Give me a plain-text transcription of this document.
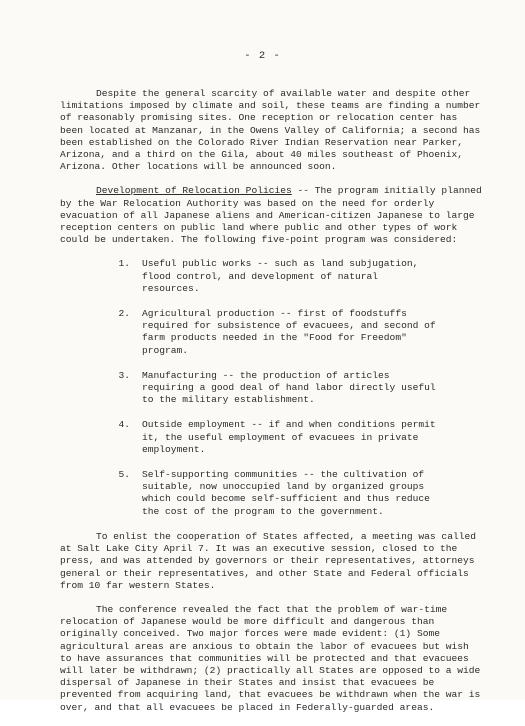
- 2 -

Despite the general scarcity of available water and despite other limitations imposed by climate and soil, these teams are finding a number of reasonably promising sites. One reception or relocation center has been located at Manzanar, in the Owens Valley of California; a second has been established on the Colorado River Indian Reservation near Parker, Arizona, and a third on the Gila, about 40 miles southeast of Phoenix, Arizona. Other locations will be announced soon.

Development of Relocation Policies -- The program initially planned by the War Relocation Authority was based on the need for orderly evacuation of all Japanese aliens and American-citizen Japanese to large reception centers on public land where public and other types of work could be undertaken. The following five-point program was considered:

1.	Useful public works -- such as land subjugation, flood control, and development of natural resources.
2.	Agricultural production -- first of foodstuffs required for subsistence of evacuees, and second of farm products needed in the "Food for Freedom" program.
3.	Manufacturing -- the production of articles requiring a good deal of hand labor directly useful to the military establishment.
4.	Outside employment -- if and when conditions permit it, the useful employment of evacuees in private employment.
5.	Self-supporting communities -- the cultivation of suitable, now unoccupied land by organized groups which could become self-sufficient and thus reduce the cost of the program to the government.

To enlist the cooperation of States affected, a meeting was called at Salt Lake City April 7. It was an executive session, closed to the press, and was attended by governors or their representatives, attorneys general or their representatives, and other State and Federal officials from 10 far western States.

The conference revealed the fact that the problem of war-time relocation of Japanese would be more difficult and dangerous than originally conceived. Two major forces were made evident: (1) Some agricultural areas are anxious to obtain the labor of evacuees but wish to have assurances that communities will be protected and that evacuees will later be withdrawn; (2) practically all States are opposed to a wide dispersal of Japanese in their States and insist that evacuees be prevented from acquiring land, that evacuees be withdrawn when the war is over, and that all evacuees be placed in Federally-guarded areas.
